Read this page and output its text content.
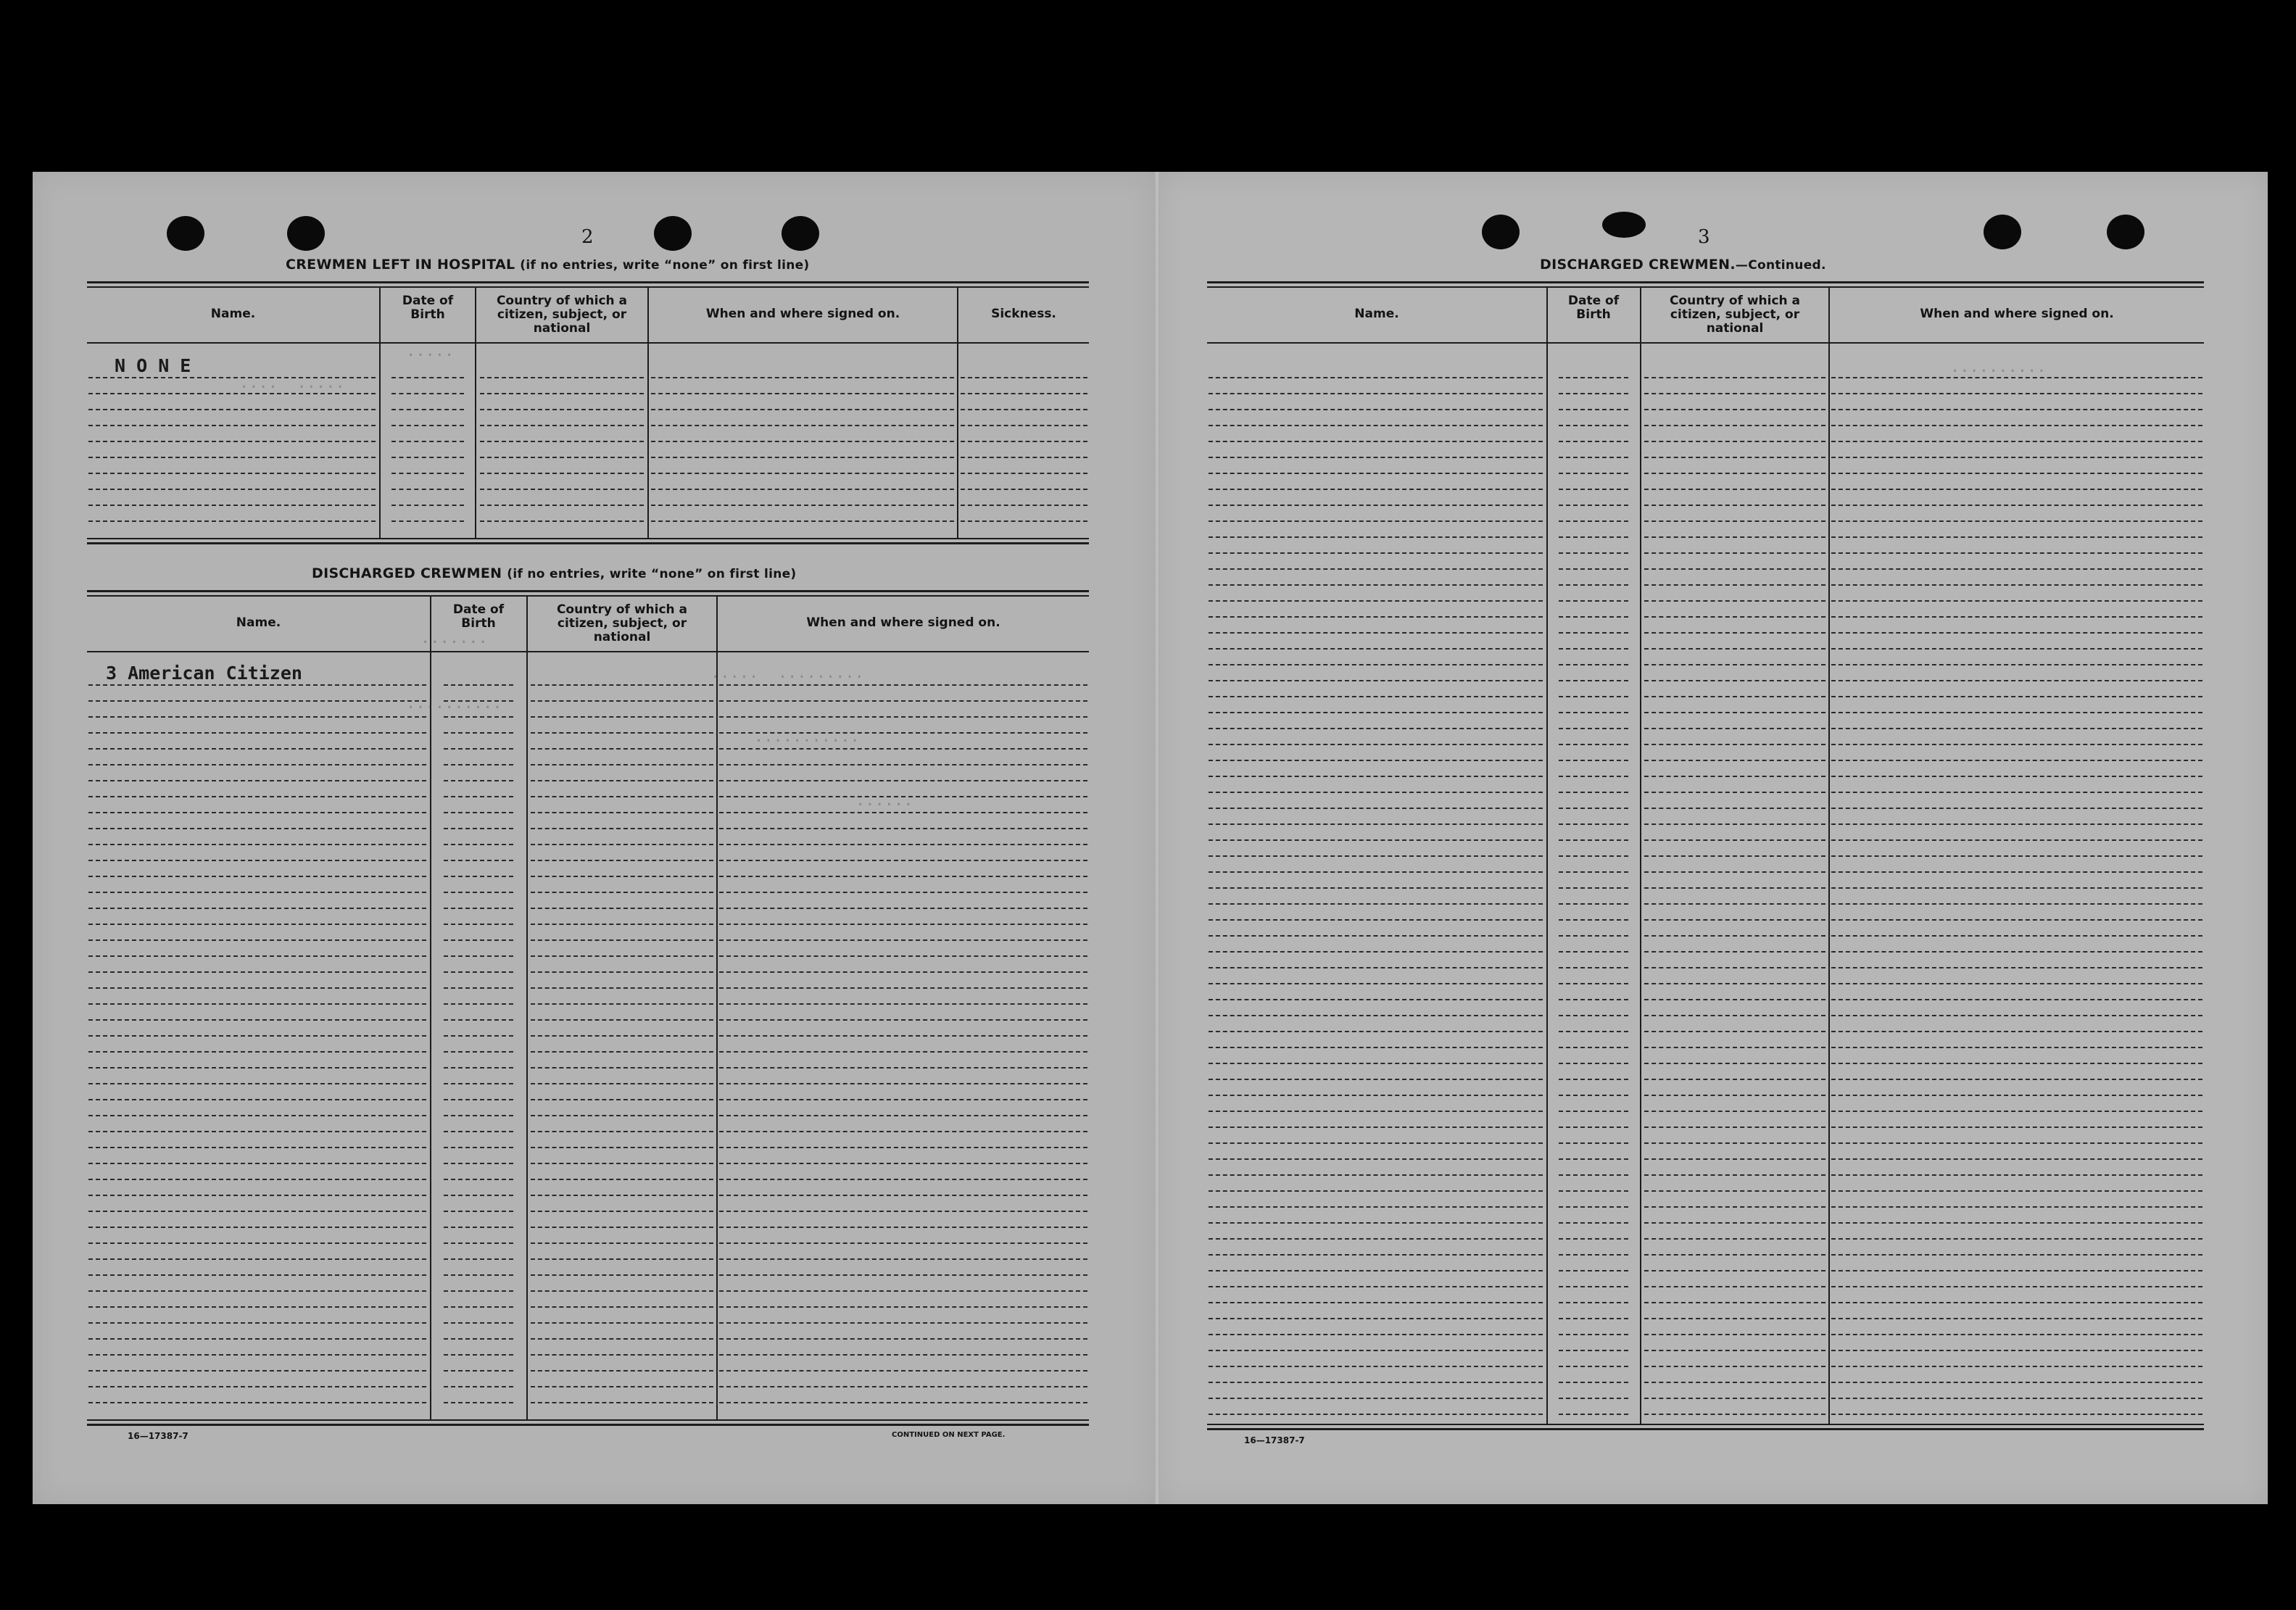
2
CREWMEN LEFT IN HOSPITAL (if no entries, write “none” on first line)
Name.
Date of Birth
Country of which a citizen, subject, or national
When and where signed on.	Sickness.
N O N E
DISCHARGED CREWMEN (if no entries, write “none” on first line)
Name.
Date of Birth
Country of which a citizen, subject, or national
When and where signed on.
3 American Citizen
·····
·····  ····
·······
·········  ·····
··········
···········
······
··········
16—17387-7	CONTINUED ON NEXT PAGE.
3
DISCHARGED CREWMEN.—Continued.
Name.
Date of Birth
Country of which a citizen, subject, or national
When and where signed on.
16—17387-7
